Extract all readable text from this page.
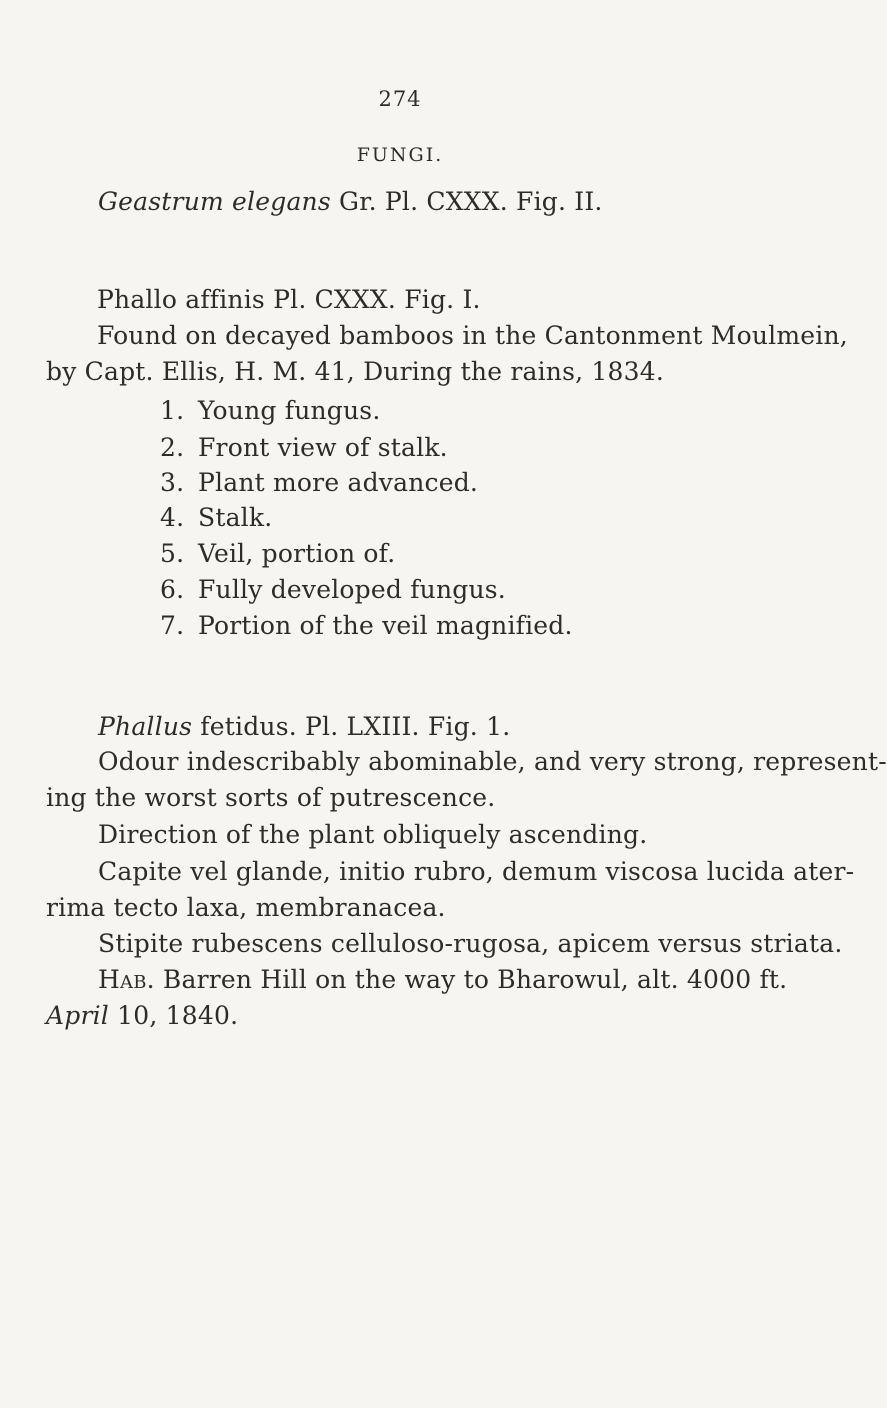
274
FUNGI.
Geastrum elegans Gr. Pl. CXXX. Fig. II.
Phallo affinis Pl. CXXX. Fig. I.
Found on decayed bamboos in the Cantonment Moulmein,
by Capt. Ellis, H. M. 41, During the rains, 1834.
1. Young fungus.
2. Front view of stalk.
3. Plant more advanced.
4. Stalk.
5. Veil, portion of.
6. Fully developed fungus.
7. Portion of the veil magnified.
Phallus fetidus. Pl. LXIII. Fig. 1.
Odour indescribably abominable, and very strong, represent-
ing the worst sorts of putrescence.
Direction of the plant obliquely ascending.
Capite vel glande, initio rubro, demum viscosa lucida ater-
rima tecto laxa, membranacea.
Stipite rubescens celluloso-rugosa, apicem versus striata.
Hab. Barren Hill on the way to Bharowul, alt. 4000 ft.
April 10, 1840.
